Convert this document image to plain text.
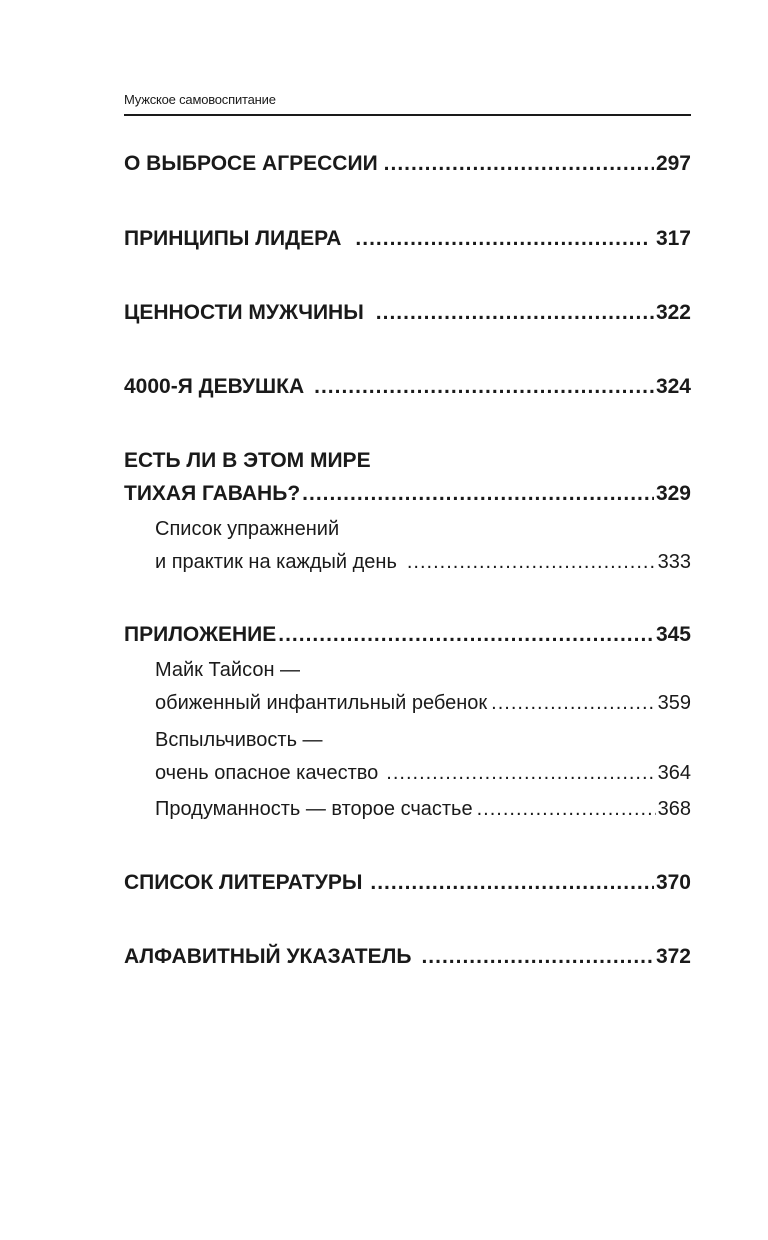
Мужское самовоспитание
О ВЫБРОСЕ АГРЕССИИ .....	297
ПРИНЦИПЫ ЛИДЕРА .....	317
ЦЕННОСТИ МУЖЧИНЫ .....	322
4000-Я ДЕВУШКА .....	324
ЕСТЬ ЛИ В ЭТОМ МИРЕ
ТИХАЯ ГАВАНЬ? .....	329
Список упражнений
и практик на каждый день .....	333
ПРИЛОЖЕНИЕ .....	345
Майк Тайсон —
обиженный инфантильный ребенок .....	359
Вспыльчивость —
очень опасное качество .....	364
Продуманность — второе счастье .....	368
СПИСОК ЛИТЕРАТУРЫ .....	370
АЛФАВИТНЫЙ УКАЗАТЕЛЬ .....	372
